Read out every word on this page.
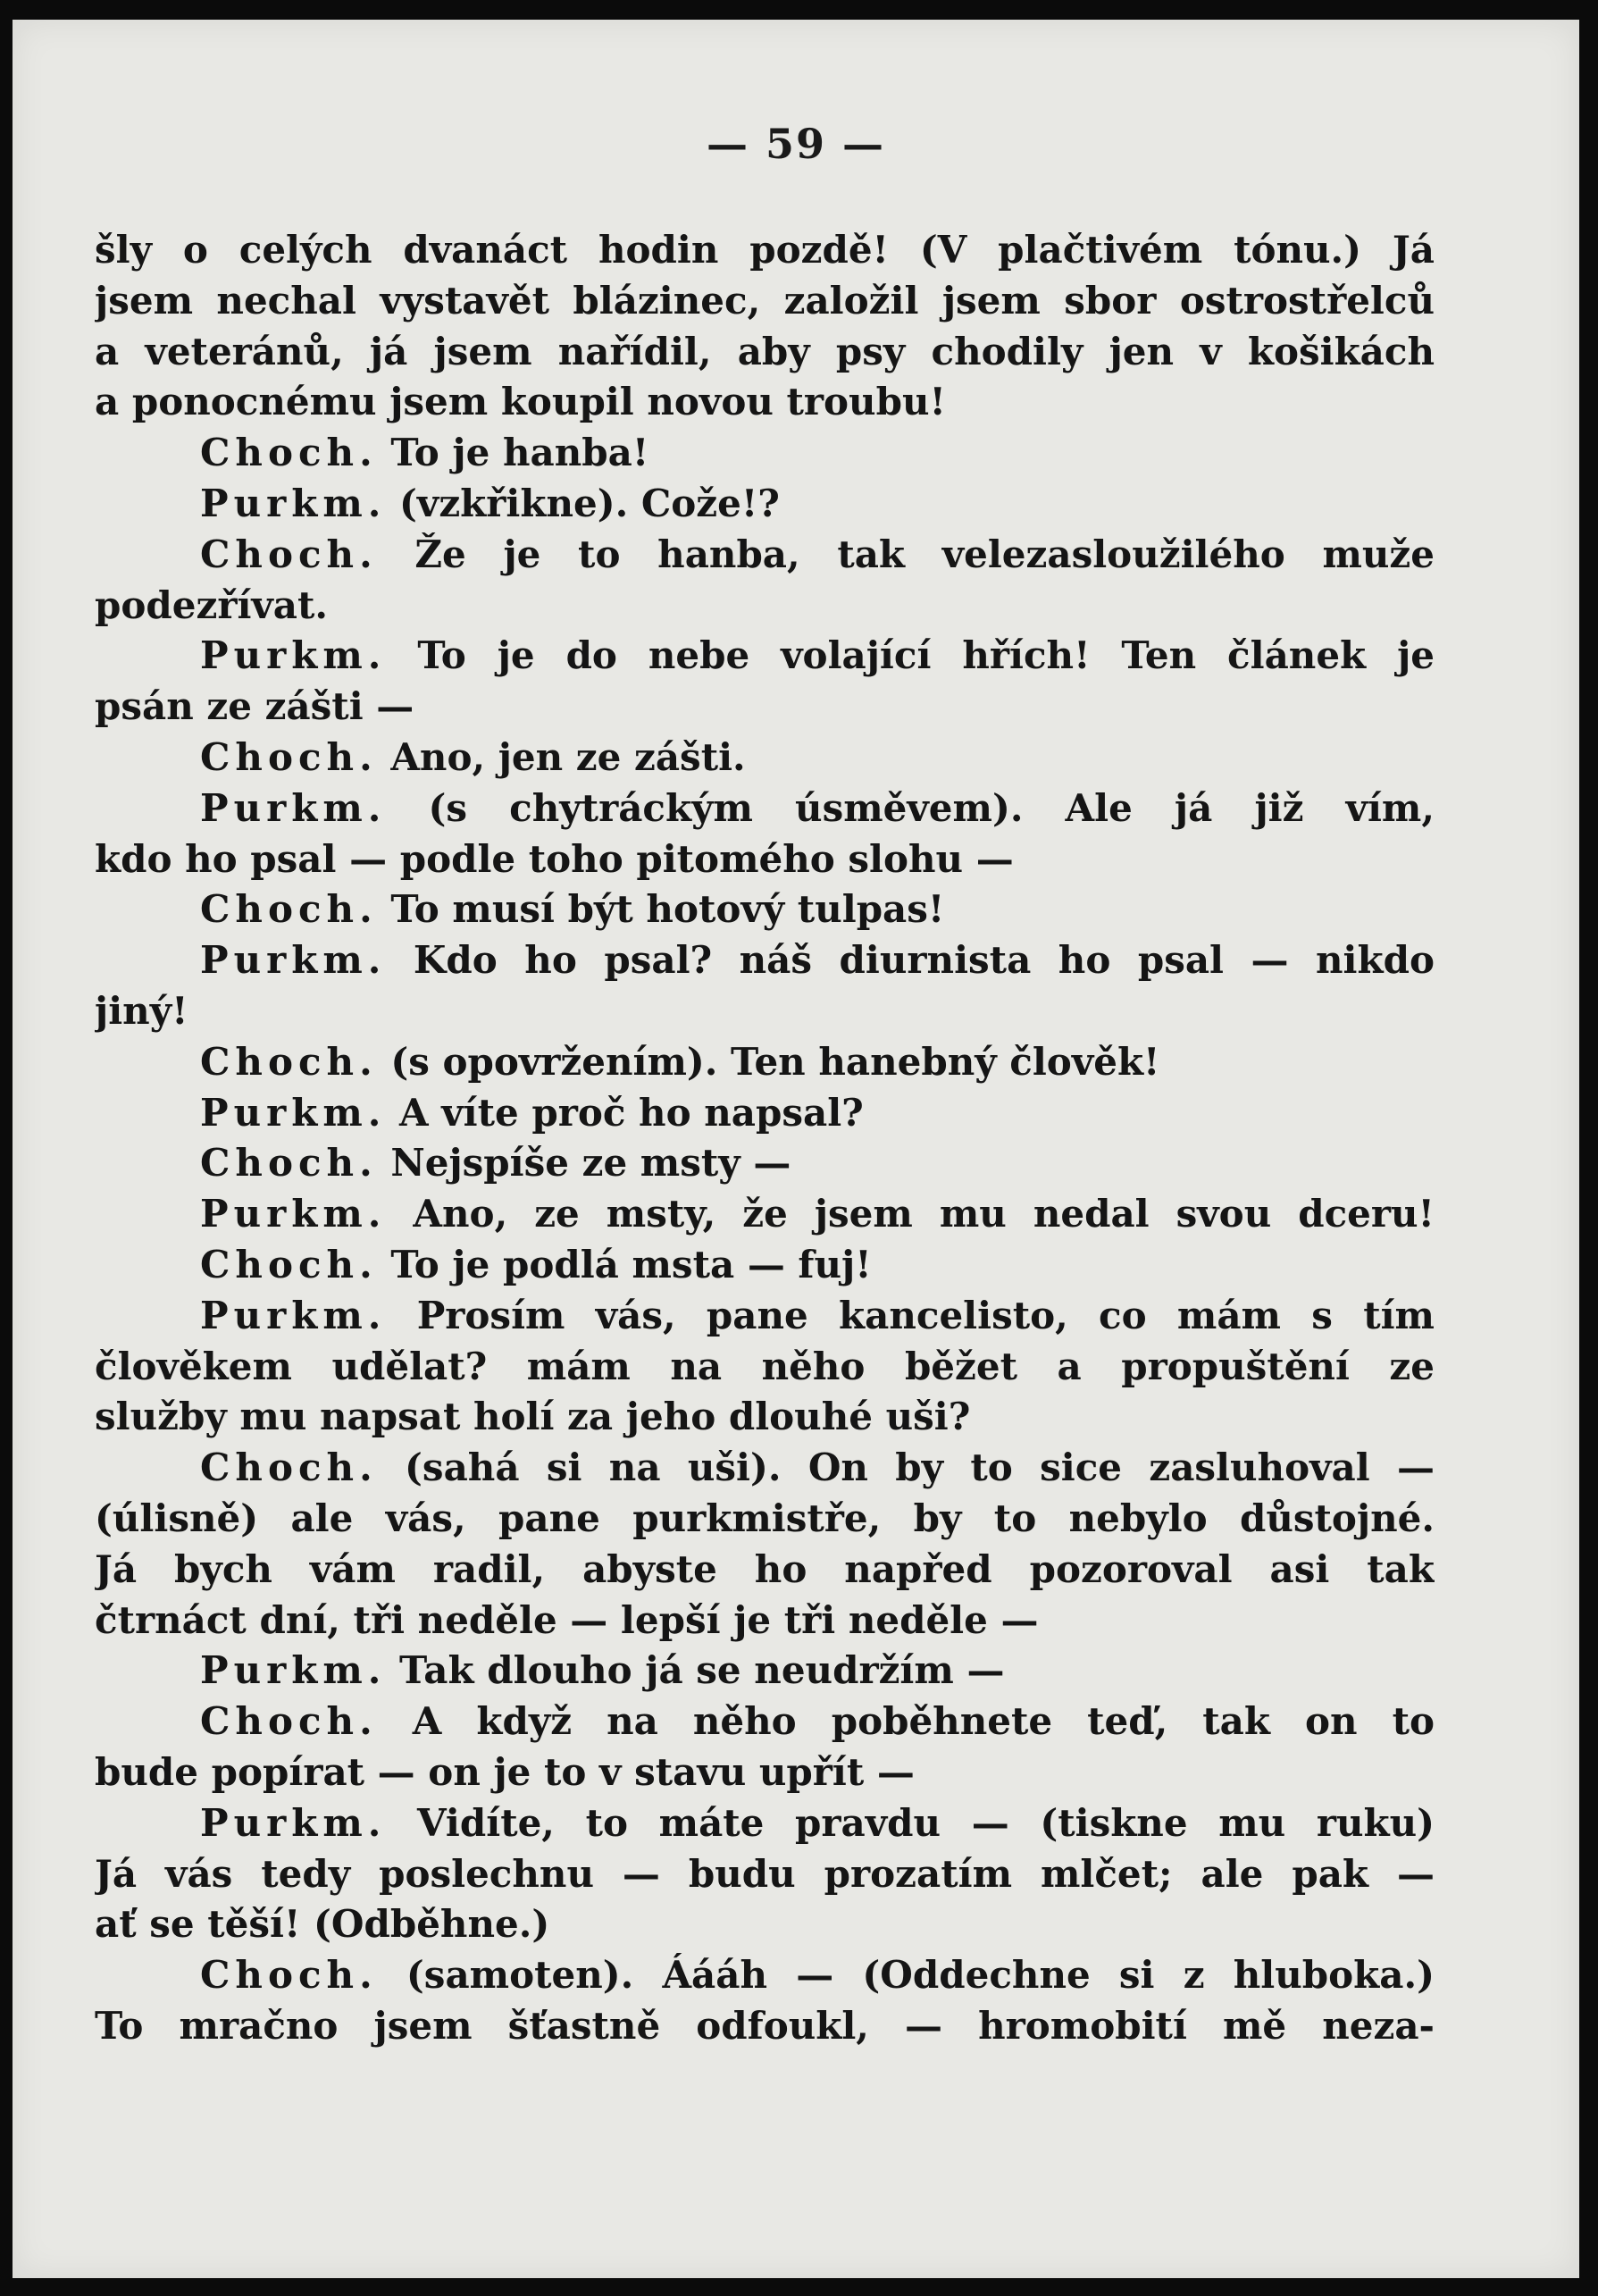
— 59 —
šly o celých dvanáct hodin pozdě! (V plačtivém tónu.) Já
jsem nechal vystavět blázinec, založil jsem sbor ostrostřelců
a veteránů, já jsem nařídil, aby psy chodily jen v košikách
a ponocnému jsem koupil novou troubu!
Choch. To je hanba!
Purkm. (vzkřikne). Cože!?
Choch. Že je to hanba, tak velezasloužilého muže
podezřívat.
Purkm. To je do nebe volající hřích! Ten článek je
psán ze zášti —
Choch. Ano, jen ze zášti.
Purkm. (s chytráckým úsměvem). Ale já již vím,
kdo ho psal — podle toho pitomého slohu —
Choch. To musí být hotový tulpas!
Purkm. Kdo ho psal? náš diurnista ho psal — nikdo
jiný!
Choch. (s opovržením). Ten hanebný člověk!
Purkm. A víte proč ho napsal?
Choch. Nejspíše ze msty —
Purkm. Ano, ze msty, že jsem mu nedal svou dceru!
Choch. To je podlá msta — fuj!
Purkm. Prosím vás, pane kancelisto, co mám s tím
člověkem udělat? mám na něho běžet a propuštění ze
služby mu napsat holí za jeho dlouhé uši?
Choch. (sahá si na uši). On by to sice zasluhoval —
(úlisně) ale vás, pane purkmistře, by to nebylo důstojné.
Já bych vám radil, abyste ho napřed pozoroval asi tak
čtrnáct dní, tři neděle — lepší je tři neděle —
Purkm. Tak dlouho já se neudržím —
Choch. A když na něho poběhnete teď, tak on to
bude popírat — on je to v stavu upřít —
Purkm. Vidíte, to máte pravdu — (tiskne mu ruku)
Já vás tedy poslechnu — budu prozatím mlčet; ale pak —
ať se těší! (Odběhne.)
Choch. (samoten). Áááh — (Oddechne si z hluboka.)
To mračno jsem šťastně odfoukl, — hromobití mě neza-
